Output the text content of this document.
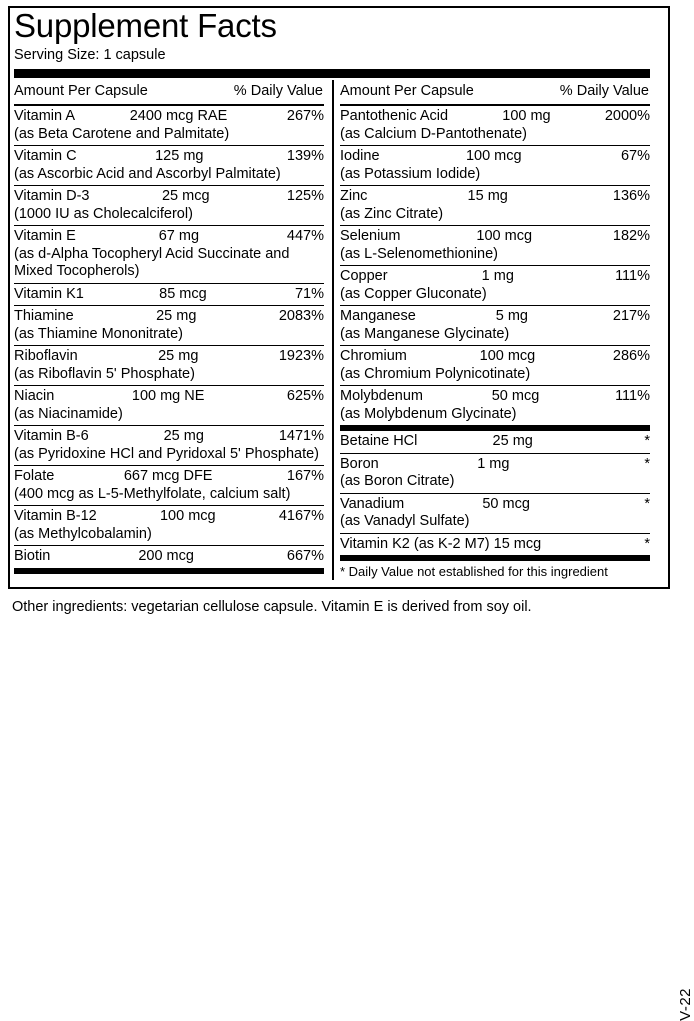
Supplement Facts
Serving Size: 1 capsule
Amount Per Capsule	% Daily Value
Vitamin A	2400 mcg RAE	267%
(as Beta Carotene and Palmitate)
Vitamin C	125 mg	139%
(as Ascorbic Acid and Ascorbyl Palmitate)
Vitamin D-3	25 mcg	125%
(1000 IU as Cholecalciferol)
Vitamin E	67 mg	447%
(as d-Alpha Tocopheryl Acid Succinate and Mixed Tocopherols)
Vitamin K1	85 mcg	71%
Thiamine	25 mg	2083%
(as Thiamine Mononitrate)
Riboflavin	25 mg	1923%
(as Riboflavin 5' Phosphate)
Niacin	100 mg NE	625%
(as Niacinamide)
Vitamin B-6	25 mg	1471%
(as Pyridoxine HCl and Pyridoxal 5' Phosphate)
Folate	667 mcg DFE	167%
(400 mcg as L-5-Methylfolate, calcium salt)
Vitamin B-12	100 mcg	4167%
(as Methylcobalamin)
Biotin	200 mcg	667%
Amount Per Capsule	% Daily Value
Pantothenic Acid	100 mg	2000%
(as Calcium D-Pantothenate)
Iodine	100 mcg	67%
(as Potassium Iodide)
Zinc	15 mg	136%
(as Zinc Citrate)
Selenium	100 mcg	182%
(as L-Selenomethionine)
Copper	1 mg	111%
(as Copper Gluconate)
Manganese	5 mg	217%
(as Manganese Glycinate)
Chromium	100 mcg	286%
(as Chromium Polynicotinate)
Molybdenum	50 mcg	111%
(as Molybdenum Glycinate)
Betaine HCl	25 mg	*
Boron	1 mg	*
(as Boron Citrate)
Vanadium	50 mcg	*
(as Vanadyl Sulfate)
Vitamin K2 (as K-2 M7) 15 mcg	*
* Daily Value not established for this ingredient
V-22
Other ingredients: vegetarian cellulose capsule. Vitamin E is derived from soy oil.
